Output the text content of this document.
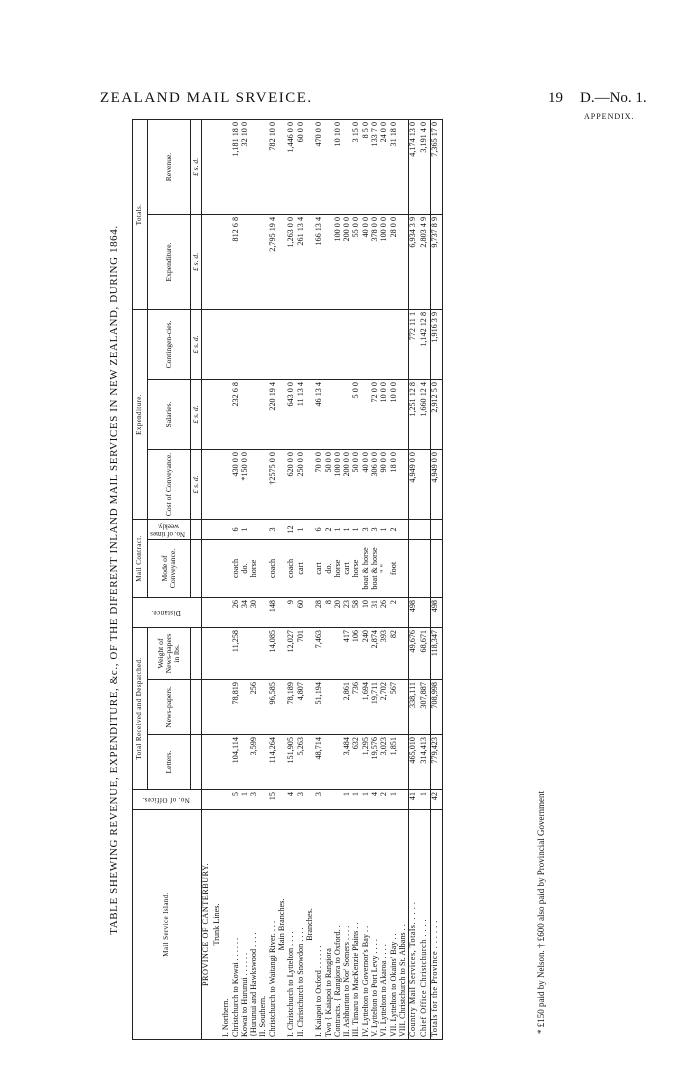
ZEALAND MAIL SRVEICE.	19 D.—No. 1.
APPENDIX.
TABLE SHEWING REVENUE, EXPENDITURE, &c., OF THE DIFERENT INLAND MAIL SERVICES IN NEW ZEALAND, DURING 1864.	Mail Service Island.	No. of Offices.	Total Received and Despatched.			Distance.	Mail Contract.		Expenditure.			Totals.	
		Letters.	News-papers.	Weight of News-papers in lbs.		Mode of Conveyance.	No. of times weekly.	Cost of Conveyance.	Salaries.	Contingen-cies.	Expenditure.	Revenue.
								£ s. d.	£ s. d.	£ s. d.	£ s. d.	£ s. d.
PROVINCE OF CANTERBURY.												
Trunk Lines.												
I. Northern.												
Christchurch to Kowai . . . . . .	5	104,114	78,819	11,258	26	coach	6	430 0 0	232 6 8		812 6 8	1,181 18 0
Kowai to Hurunui . . . . . .	1				34	do.	1	*150 0 0				32 10 0
{Hurunui and Hawkswood . . . .	3	3,599	256		30	horse						
II. Southern.												
Christchurch to Waitangi River. . . .	15	114,264	96,585	14,085	148	coach	3	†2575 0 0	220 19 4		2,795 19 4	782 10 0
Main Branches.												
I. Christchurch to Lyttelton . . . .	4	151,905	78,189	12,027	9	coach	12	620 0 0	643 0 0		1,263 0 0	1,446 0 0
II. Christchurch to Snowdon . . . .	3	5,263	4,807	701	60	cart	1	250 0 0	11 13 4		261 13 4	60 0 0
Branches.												
I. Kaiapoi to Oxford . . . . . .	3	48,714	51,194	7,463	28	cart	6	70 0 0	46 13 4		166 13 4	470 0 0
Two { Kaiapoi to Rangiora					8	do.	2	50 0 0				
Contracts. { Rangiora to Oxford. .					20	horse	1	100 0 0			100 0 0	10 10 0
II. Ashburton to Nor' Somers . . . .	1	3,484	2,861	417	23	cart	1	200 0 0			200 0 0	
III. Timaru to MacKenzie Plains . .	1	632	736	106	58	horse	1	50 0 0	5 0 0		55 0 0	3 15 0
IV. Lyttelton to Governor's Bay . .	1	1,295	1,694	240	10	boat & horse	3	40 0 0			40 0 0	8 5 0
V. Lyttelton to Port Levy . . . .	4	19,576	19,711	2,874	31	boat & horse	3	306 0 0	72 0 0		378 0 0	133 7 0
VI. Lyttelton to Akaroa . . . .	2	3,023	2,702	393	26	" "	1	90 0 0	10 0 0		100 0 0	24 0 0
VII. Lyttelton to Okains' Bay . .	1	1,851	567	82	2	foot	2	18 0 0	10 0 0		28 0 0	31 18 0
VIII. Christchurch to St. Albans . .												
Country Mail Services, Totals. . . . .	41	465,010	338,111	49,676	498			4,949 0 0	1,251 12 8	772 11 1	6,934 3 9	4,174 13 0
Chief Office Christchurch . . . .	1	314,413	307,887	68,671					1,660 12 4	1,142 12 8	2,803 4 9	3,191 4 0
Totals for the Province . . . . . .	42	779,423	708,998	118,347	498			4,949 0 0	2,912 5 0	1,916 3 9	9,737 8 9	7,365 17 0
* £150 paid by Nelson. † £600 also paid by Provincial Government
